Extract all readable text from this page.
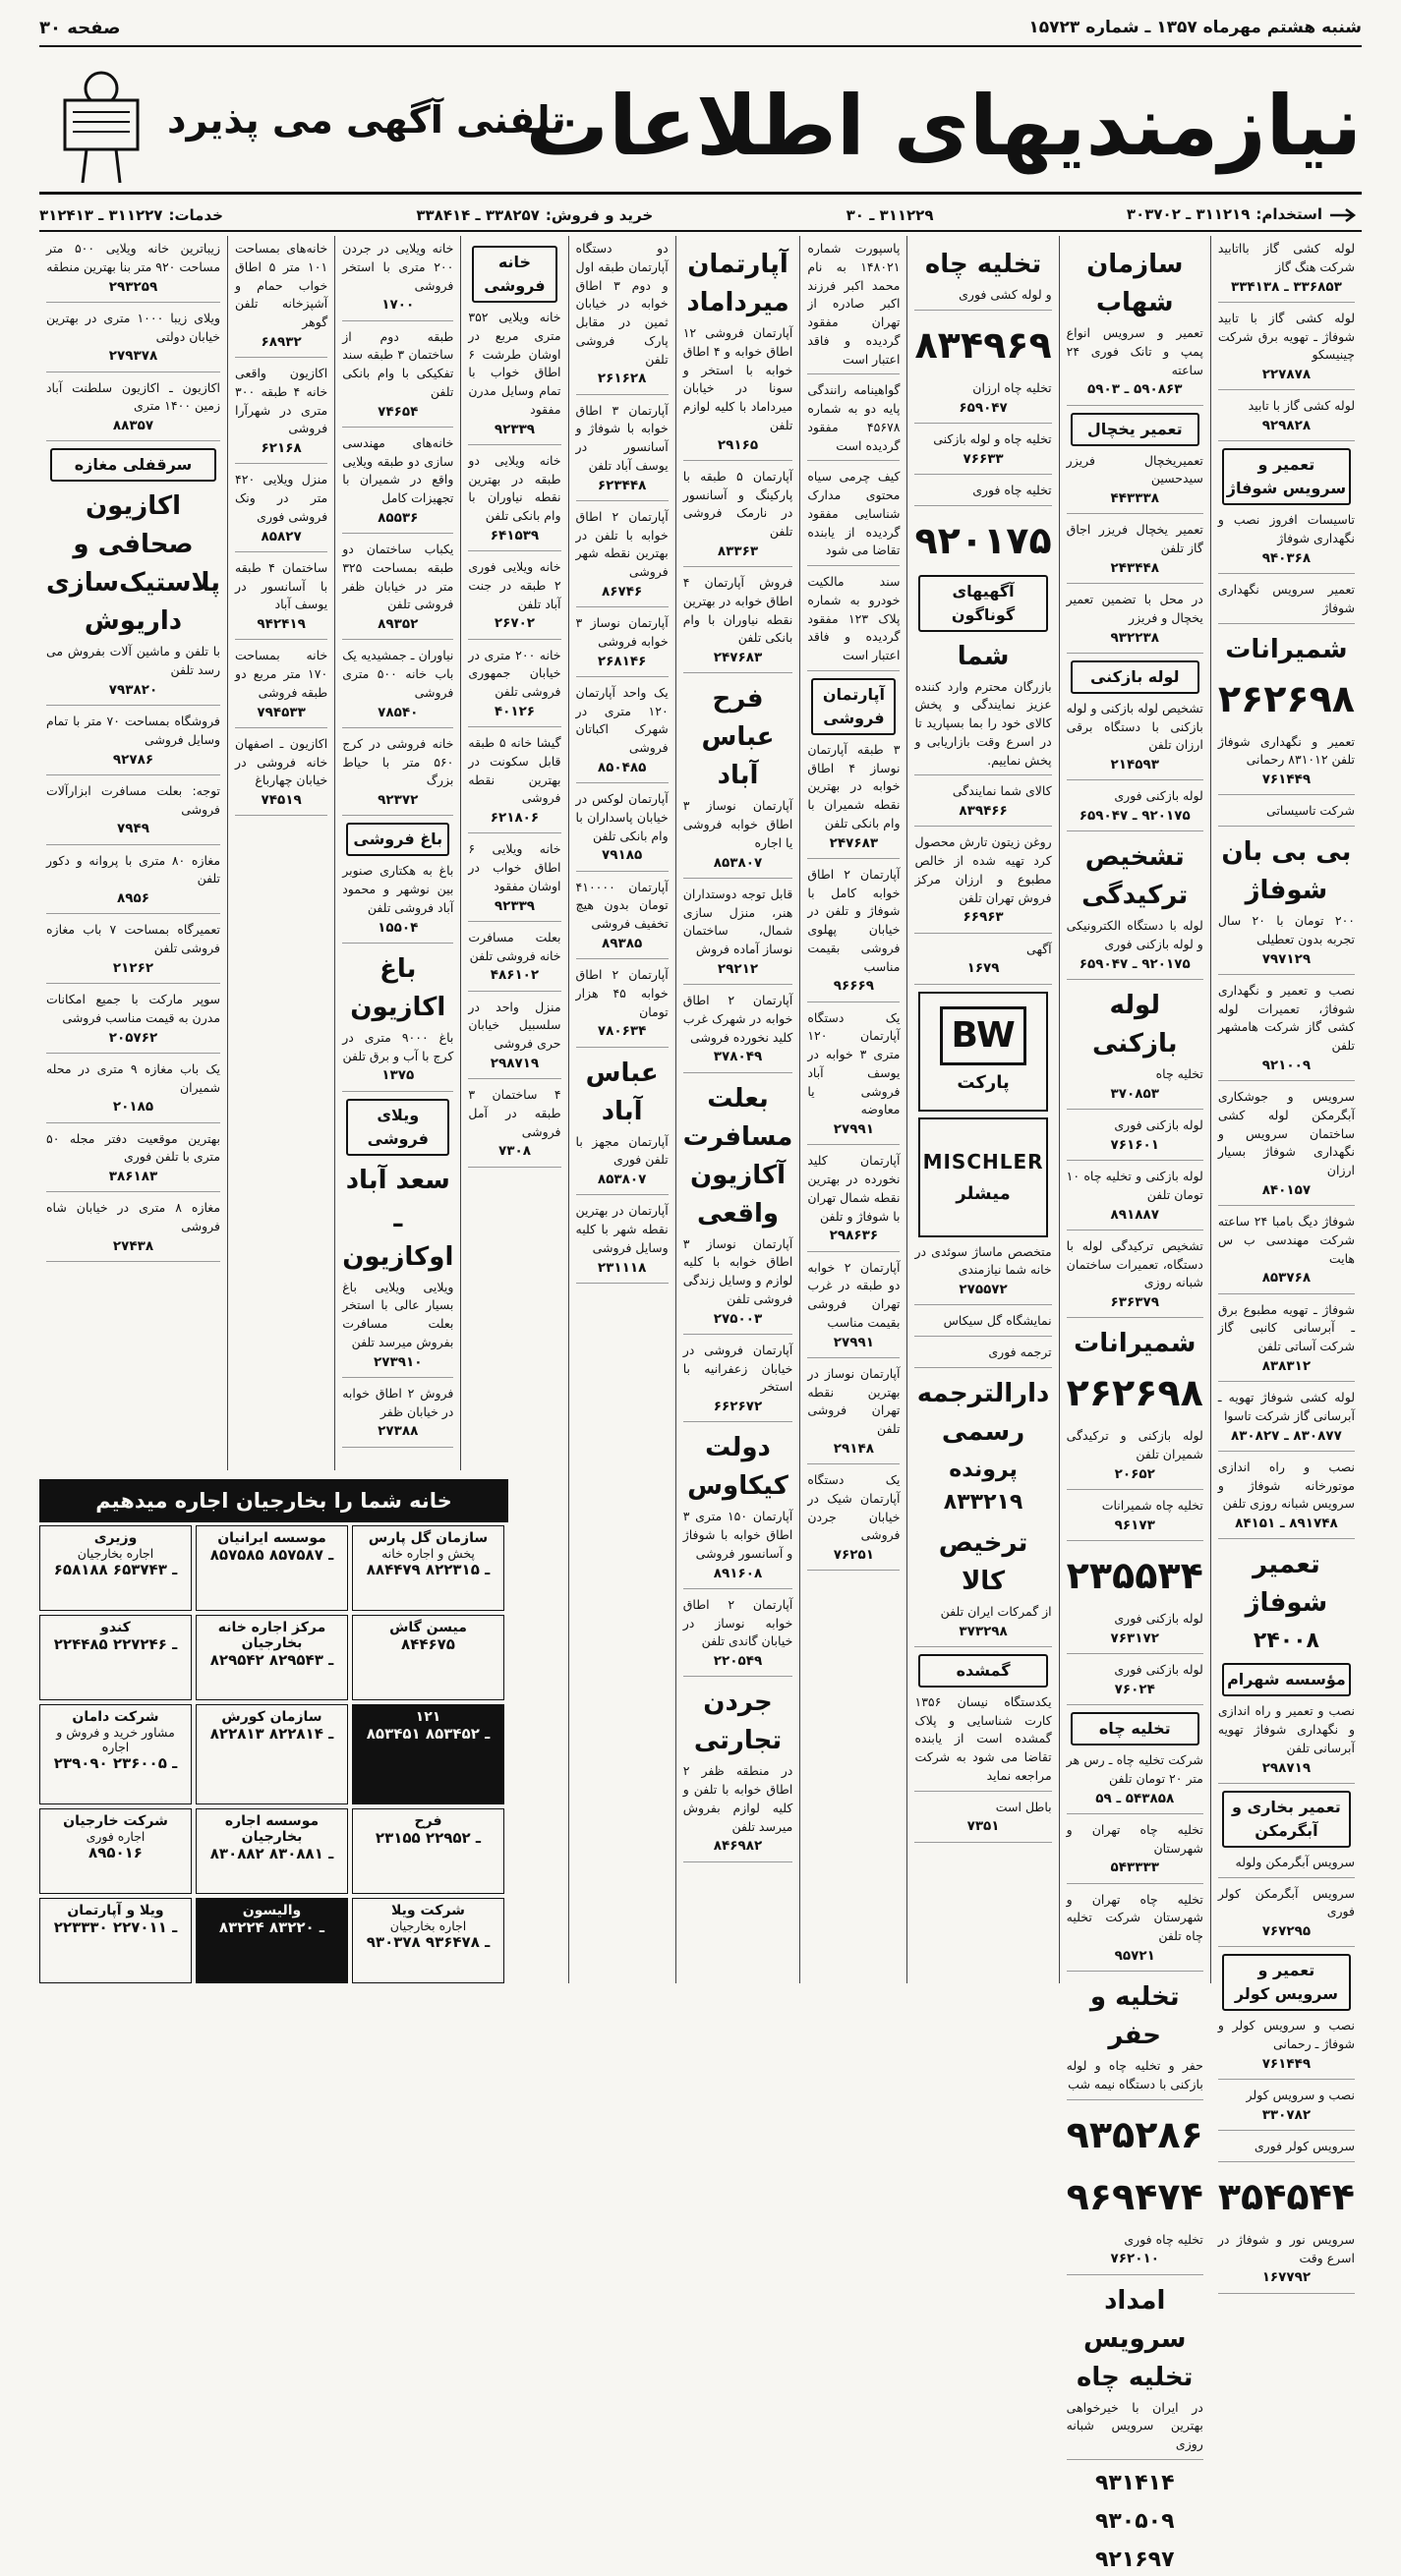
شنبه هشتم مهرماه ۱۳۵۷ ـ شماره ۱۵۷۲۳
صفحه ۳۰
نیازمندیهای اطلاعات
تلفنی آگهی می پذیرد
استخدام:
۳۱۱۲۱۹ ـ ۳۰۳۷۰۲
۳۱۱۲۲۹ ـ ۳۰
خرید و فروش:
۳۳۸۲۵۷ ـ ۳۳۸۴۱۴
خدمات:
۳۱۱۲۲۷ ـ ۳۱۲۴۱۳
لوله کشی گاز بااتابید شرکت هنگ گاز
۳۳۶۸۵۳ ـ ۳۳۴۱۳۸
لوله کشی گاز با تابید شوفاژ ـ تهویه برق شرکت چینیسکو
۲۲۷۸۷۸
لوله کشی گاز با تابید
۹۲۹۸۲۸
تعمیر و سرویس شوفاژ
تاسیسات افروز نصب و نگهداری شوفاژ
۹۴۰۳۶۸
تعمیر سرویس نگهداری شوفاژ
شمیرانات
۲۶۲۶۹۸
تعمیر و نگهداری شوفاژ تلفن ۸۳۱۰۱۲ رحمانی
۷۶۱۴۴۹
شرکت تاسیساتی
بی بی بان شوفاژ
۲۰۰ تومان با ۲۰ سال تجربه بدون تعطیلی
۷۹۷۱۲۹
نصب و تعمیر و نگهداری شوفاژ، تعمیرات لوله کشی گاز شرکت هامشهر تلفن
۹۲۱۰۰۹
سرویس و جوشکاری آبگرمکن لوله کشی ساختمان سرویس و نگهداری شوفاژ بسیار ارزان
۸۴۰۱۵۷
شوفاژ دیگ بامبا ۲۴ ساعته شرکت مهندسی ب س هایت
۸۵۳۷۶۸
شوفاژ ـ تهویه مطبوع برق ـ آبرسانی کانبی گاز شرکت آساتی تلفن
۸۳۸۳۱۲
لوله کشی شوفاژ تهویه ـ آبرسانی گاز شرکت تاسوا
۸۳۰۸۷۷ ـ ۸۳۰۸۲۷
نصب و راه اندازی موتورخانه شوفاژ و سرویس شبانه روزی تلفن
۸۹۱۷۴۸ ـ ۸۴۱۵۱
تعمیر شوفاژ
۲۴۰۰۸
مؤسسه شهرام
نصب و تعمیر و راه اندازی و نگهداری شوفاژ تهویه آبرسانی تلفن
۲۹۸۷۱۹
تعمیر بخاری و آبگرمکن
سرویس آبگرمکن ولوله
سرویس آبگرمکن کولر فوری
۷۶۷۲۹۵
تعمیر و سرویس کولر
نصب و سرویس کولر و شوفاژ ـ رحمانی
۷۶۱۴۴۹
نصب و سرویس کولر
۳۳۰۷۸۲
سرویس کولر فوری
۳۵۴۵۴۴
سرویس نور و شوفاژ در اسرع وقت
۱۶۷۷۹۲
سازمان شهاب
تعمیر و سرویس انواع پمپ و تانک فوری ۲۴ ساعته
۵۹۰۸۶۳ ـ ۵۹۰۳
تعمیر یخچال
تعمیریخچال فریزر سیدحسین
۴۴۳۳۳۸
تعمیر یخچال فریزر اجاق گاز تلفن
۲۴۳۴۴۸
در محل با تضمین تعمیر یخچال و فریزر
۹۳۲۲۳۸
لوله بازکنی
تشخیص لوله بازکنی و لوله بازکنی با دستگاه برقی ارزان تلفن
۲۱۴۵۹۳
لوله بازکنی فوری
۹۲۰۱۷۵ ـ ۶۵۹۰۴۷
تشخیص ترکیدگی
لوله با دستگاه الکترونیکی و لوله بازکنی فوری
۹۲۰۱۷۵ ـ ۶۵۹۰۴۷
لوله بازکنی
تخلیه چاه
۳۷۰۸۵۳
لوله بازکنی فوری
۷۶۱۶۰۱
لوله بازکنی و تخلیه چاه ۱۰ تومان تلفن
۸۹۱۸۸۷
تشخیص ترکیدگی لوله با دستگاه، تعمیرات ساختمان شبانه روزی
۶۳۶۳۷۹
شمیرانات
۲۶۲۶۹۸
لوله بازکنی و ترکیدگی شمیران تلفن
۲۰۶۵۲
تخلیه چاه شمیرانات
۹۶۱۷۳
۲۳۵۵۳۴
لوله بازکنی فوری
۷۶۳۱۷۲
لوله بازکنی فوری
۷۶۰۲۴
تخلیه چاه
شرکت تخلیه چاه ـ رس هر متر ۲۰ تومان تلفن
۵۴۳۸۵۸ ـ ۵۹
تخلیه چاه تهران و شهرستان
۵۴۳۳۳۳
تخلیه چاه تهران و شهرستان شرکت تخلیه چاه تلفن
۹۵۷۲۱
تخلیه و حفر
حفر و تخلیه چاه و لوله بازکنی با دستگاه نیمه شب
۹۳۵۲۸۶
۹۶۹۴۷۴
تخلیه چاه فوری
۷۶۲۰۱۰
امداد سرویس تخلیه چاه
در ایران با خیرخواهی بهترین سرویس شبانه روزی
۹۳۱۴۱۴
۹۳۰۵۰۹
۹۲۱۶۹۷
تخلیه چاه
و لوله کشی فوری
۸۳۴۹۶۹
تخلیه چاه ارزان
۶۵۹۰۴۷
تخلیه چاه و لوله بازکنی
۷۶۶۳۳
تخلیه چاه فوری
۹۲۰۱۷۵
آگهیهای گوناگون
شما
بازرگان محترم وارد کننده عزیز نمایندگی و پخش کالای خود را بما بسپارید تا در اسرع وقت بازاریابی و پخش نماییم.
کالای شما نمایندگی
۸۳۹۴۶۶
روغن زیتون تارش محصول کرد تهیه شده از خالص مطبوع و ارزان مرکز فروش تهران تلفن
۶۶۹۶۳
آگهی
۱۶۷۹
BW
پارکت
MISCHLER
میشلر
متخصص ماساژ سوئدی در خانه شما نیازمندی
۲۷۵۵۷۲
نمایشگاه گل سیکاس
ترجمه فوری
دارالترجمه رسمی
پرونده ۸۳۳۲۱۹
ترخیص کالا
از گمرکات ایران تلفن
۳۷۳۲۹۸
گمشده
یکدستگاه نیسان ۱۳۵۶ کارت شناسایی و پلاک گمشده است از یابنده تقاضا می شود به شرکت مراجعه نماید
باطل است
۷۳۵۱
پاسپورت شماره ۱۴۸۰۲۱ به نام محمد اکبر فرزند اکبر صادره از تهران مفقود گردیده و فاقد اعتبار است
گواهینامه رانندگی پایه دو به شماره ۴۵۶۷۸ مفقود گردیده است
کیف چرمی سیاه محتوی مدارک شناسایی مفقود گردیده از یابنده تقاضا می شود
سند مالکیت خودرو به شماره پلاک ۱۲۳ مفقود گردیده و فاقد اعتبار است
آپارتمان فروشی
۳ طبقه آپارتمان نوساز ۴ اطاق خوابه در بهترین نقطه شمیران با وام بانکی تلفن
۲۴۷۶۸۳
آپارتمان ۲ اطاق خوابه کامل با شوفاژ و تلفن در خیابان پهلوی فروشی بقیمت مناسب
۹۶۶۶۹
یک دستگاه آپارتمان ۱۲۰ متری ۳ خوابه در یوسف آباد فروشی یا معاوضه
۲۷۹۹۱
آپارتمان کلید نخورده در بهترین نقطه شمال تهران با شوفاژ و تلفن
۲۹۸۶۳۶
آپارتمان ۲ خوابه دو طبقه در غرب تهران فروشی بقیمت مناسب
۲۷۹۹۱
آپارتمان نوساز در بهترین نقطه تهران فروشی تلفن
۲۹۱۴۸
یک دستگاه آپارتمان شیک در خیابان جردن فروشی
۷۶۲۵۱
آپارتمان میرداماد
آپارتمان فروشی ۱۲ اطاق خوابه و ۴ اطاق خوابه با استخر و سونا در خیابان میرداماد با کلیه لوازم تلفن
۲۹۱۶۵
آپارتمان ۵ طبقه با پارکینگ و آسانسور در نارمک فروشی تلفن
۸۳۳۶۳
فروش آپارتمان ۴ اطاق خوابه در بهترین نقطه نیاوران با وام بانکی تلفن
۲۴۷۶۸۳
فرح عباس آباد
آپارتمان نوساز ۳ اطاق خوابه فروشی یا اجاره
۸۵۳۸۰۷
قابل توجه دوستداران هنر، منزل سازی شمال، ساختمان نوساز آماده فروش
۲۹۲۱۲
آپارتمان ۲ اطاق خوابه در شهرک غرب کلید نخورده فروشی
۳۷۸۰۴۹
بعلت مسافرت آکازیون واقعی
آپارتمان نوساز ۳ اطاق خوابه با کلیه لوازم و وسایل زندگی فروشی تلفن
۲۷۵۰۰۳
آپارتمان فروشی در خیابان زعفرانیه با استخر
۶۶۲۶۷۲
دولت کیکاوس
آپارتمان ۱۵۰ متری ۳ اطاق خوابه با شوفاژ و آسانسور فروشی
۸۹۱۶۰۸
آپارتمان ۲ اطاق خوابه نوساز در خیابان گاندی تلفن
۲۲۰۵۴۹
جردن تجارتی
در منطقه ظفر ۲ اطاق خوابه با تلفن و کلیه لوازم بفروش میرسد تلفن
۸۴۶۹۸۲
دو دستگاه آپارتمان طبقه اول و دوم ۳ اطاق خوابه در خیابان ثمین در مقابل پارک فروشی تلفن
۲۶۱۶۲۸
آپارتمان ۳ اطاق خوابه با شوفاژ و آسانسور در یوسف آباد تلفن
۶۲۳۴۴۸
آپارتمان ۲ اطاق خوابه با تلفن در بهترین نقطه شهر فروشی
۸۶۷۴۶
آپارتمان نوساز ۳ خوابه فروشی
۲۶۸۱۴۶
یک واحد آپارتمان ۱۲۰ متری در شهرک اکباتان فروشی
۸۵۰۴۸۵
آپارتمان لوکس در خیابان پاسداران با وام بانکی تلفن
۷۹۱۸۵
آپارتمان ۴۱۰۰۰۰ تومان بدون هیچ تخفیف فروشی
۸۹۳۸۵
آپارتمان ۲ اطاق خوابه ۴۵ هزار تومان
۷۸۰۶۳۴
عباس آباد
آپارتمان مجهز با تلفن فوری
۸۵۳۸۰۷
آپارتمان در بهترین نقطه شهر با کلیه وسایل فروشی
۲۳۱۱۱۸
خانه فروشی
خانه ویلایی ۳۵۲ متری مربع در اوشان طرشت ۶ اطاق خواب با تمام وسایل مدرن مفقود
۹۲۳۳۹
خانه ویلایی دو طبقه در بهترین نقطه نیاوران با وام بانکی تلفن
۶۴۱۵۳۹
خانه ویلایی فوری ۲ طبقه در جنت آباد تلفن
۲۶۷۰۲
خانه ۲۰۰ متری در خیابان جمهوری فروشی تلفن
۴۰۱۲۶
گیشا خانه ۵ طبقه قابل سکونت در بهترین نقطه فروشی
۶۲۱۸۰۶
خانه ویلایی ۶ اطاق خواب در اوشان مفقود
۹۲۳۳۹
بعلت مسافرت خانه فروشی تلفن
۴۸۶۱۰۲
منزل واحد در سلسبیل خیابان حری فروشی
۲۹۸۷۱۹
۴ ساختمان ۳ طبقه در آمل فروشی
۷۳۰۸
خانه ویلایی در جردن ۲۰۰ متری با استخر فروشی
۱۷۰۰
طبقه دوم از ساختمان ۳ طبقه سند تفکیکی با وام بانکی تلفن
۷۴۶۵۴
خانه‌های مهندسی سازی دو طبقه ویلایی واقع در شمیران با تجهیزات کامل
۸۵۵۳۶
یکباب ساختمان دو طبقه بمساحت ۳۲۵ متر در خیابان ظفر فروشی تلفن
۸۹۳۵۲
نیاوران ـ جمشیدیه یک باب خانه ۵۰۰ متری فروشی
۷۸۵۴۰
خانه فروشی در کرج ۵۶۰ متر با حیاط بزرگ
۹۲۳۷۲
باغ فروشی
باغ به هکتاری صنوبر بین نوشهر و محمود آباد فروشی تلفن
۱۵۵۰۴
باغ اکازیون
باغ ۹۰۰۰ متری در کرج با آب و برق تلفن
۱۳۷۵
ویلای فروشی
سعد آباد ـ اوکازیون
ویلایی ویلایی باغ بسیار عالی با استخر بعلت مسافرت بفروش میرسد تلفن
۲۷۳۹۱۰
فروش ۲ اطاق خوابه در خیابان ظفر
۲۷۳۸۸
خانه‌های بمساحت ۱۰۱ متر ۵ اطاق خواب حمام و آشپزخانه تلفن گوهر
۶۸۹۳۲
اکازیون واقعی خانه ۴ طبقه ۳۰۰ متری در شهرآرا فروشی
۶۲۱۶۸
منزل ویلایی ۴۲۰ متر در ونک فروشی فوری
۸۵۸۲۷
ساختمان ۴ طبقه با آسانسور در یوسف آباد
۹۴۲۴۱۹
خانه بمساحت ۱۷۰ متر مربع دو طبقه فروشی
۷۹۴۵۳۳
اکازیون ـ اصفهان خانه فروشی در خیابان چهارباغ
۷۴۵۱۹
زیباترین خانه ویلایی ۵۰۰ متر مساحت ۹۲۰ متر بنا بهترین منطقه
۲۹۳۲۵۹
ویلای زیبا ۱۰۰۰ متری در بهترین خیابان دولتی
۲۷۹۳۷۸
اکازیون ـ اکازیون سلطنت آباد زمین ۱۴۰۰ متری
۸۸۳۵۷
سرقفلی مغازه
اکازیون صحافی و پلاستیک‌سازی داریوش
با تلفن و ماشین آلات بفروش می رسد تلفن
۷۹۳۸۲۰
فروشگاه بمساحت ۷۰ متر با تمام وسایل فروشی
۹۲۷۸۶
توجه: بعلت مسافرت ابزارآلات فروشی
۷۹۴۹
مغازه ۸۰ متری با پروانه و دکور تلفن
۸۹۵۶
تعمیرگاه بمساحت ۷ باب مغازه فروشی تلفن
۲۱۲۶۲
سوپر مارکت با جمیع امکانات مدرن به قیمت مناسب فروشی
۲۰۵۷۶۲
یک باب مغازه ۹ متری در محله شمیران
۲۰۱۸۵
بهترین موقعیت دفتر مجله ۵۰ متری با تلفن فوری
۳۸۶۱۸۳
مغازه ۸ متری در خیابان شاه فروشی
۲۷۴۳۸
خانه شما را بخارجیان اجاره میدهیم
سازمان گل پارس
پخش و اجاره خانه
۸۸۴۴۷۹ ـ ۸۲۲۳۱۵
موسسه ایرانیان
۸۵۷۵۸۵ ـ ۸۵۷۵۸۷
وزیری
اجاره بخارجیان
۶۵۸۱۸۸ ـ ۶۵۳۷۴۳
میسن گاش
۸۴۴۶۷۵
مرکز اجاره خانه بخارجیان
۸۲۹۵۴۲ ـ ۸۲۹۵۴۳
کندو
۲۲۴۴۸۵ ـ ۲۲۷۲۴۶
۱۲۱
۸۵۳۴۵۱ ـ ۸۵۳۴۵۲
سازمان کورش
۸۲۲۸۱۳ ـ ۸۲۲۸۱۴
شرکت دامان
مشاور خرید و فروش و اجاره
۲۳۹۰۹۰ ـ ۲۳۶۰۰۵
فرح
۲۳۱۵۵ ـ ۲۲۹۵۲
موسسه اجاره بخارجیان
۸۳۰۸۸۲ ـ ۸۳۰۸۸۱
شرکت خارجیان
اجاره فوری
۸۹۵۰۱۶
شرکت ویلا
اجاره بخارجیان
۹۳۰۳۷۸ ـ ۹۳۶۴۷۸
والیسون
۸۳۲۲۴ ـ ۸۳۲۲۰
ویلا و آپارتمان
۲۲۳۳۳۰ ـ ۲۲۷۰۱۱
